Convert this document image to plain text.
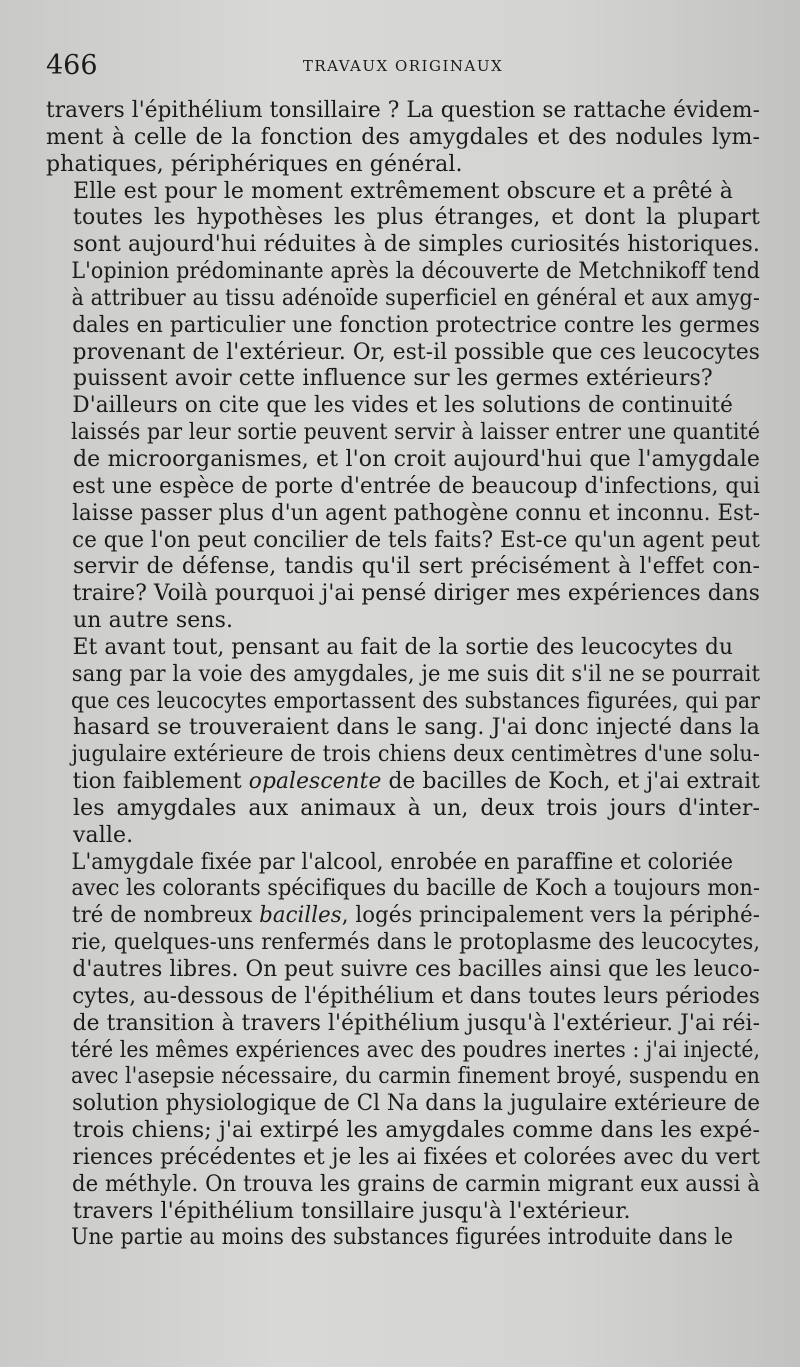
466	TRAVAUX ORIGINAUX

travers l'épithélium tonsillaire ? La question se rattache évidem-
ment à celle de la fonction des amygdales et des nodules lym-
phatiques, périphériques en général.

Elle est pour le moment extrêmement obscure et a prêté à
toutes les hypothèses les plus étranges, et dont la plupart
sont aujourd'hui réduites à de simples curiosités historiques.
L'opinion prédominante après la découverte de Metchnikoff tend
à attribuer au tissu adénoïde superficiel en général et aux amyg-
dales en particulier une fonction protectrice contre les germes
provenant de l'extérieur. Or, est-il possible que ces leucocytes
puissent avoir cette influence sur les germes extérieurs?

D'ailleurs on cite que les vides et les solutions de continuité
laissés par leur sortie peuvent servir à laisser entrer une quantité
de microorganismes, et l'on croit aujourd'hui que l'amygdale
est une espèce de porte d'entrée de beaucoup d'infections, qui
laisse passer plus d'un agent pathogène connu et inconnu. Est-
ce que l'on peut concilier de tels faits? Est-ce qu'un agent peut
servir de défense, tandis qu'il sert précisément à l'effet con-
traire? Voilà pourquoi j'ai pensé diriger mes expériences dans
un autre sens.

Et avant tout, pensant au fait de la sortie des leucocytes du
sang par la voie des amygdales, je me suis dit s'il ne se pourrait
que ces leucocytes emportassent des substances figurées, qui par
hasard se trouveraient dans le sang. J'ai donc injecté dans la
jugulaire extérieure de trois chiens deux centimètres d'une solu-
tion faiblement opalescente de bacilles de Koch, et j'ai extrait
les amygdales aux animaux à un, deux trois jours d'inter-
valle.

L'amygdale fixée par l'alcool, enrobée en paraffine et coloriée
avec les colorants spécifiques du bacille de Koch a toujours mon-
tré de nombreux bacilles, logés principalement vers la périphé-
rie, quelques-uns renfermés dans le protoplasme des leucocytes,
d'autres libres. On peut suivre ces bacilles ainsi que les leuco-
cytes, au-dessous de l'épithélium et dans toutes leurs périodes
de transition à travers l'épithélium jusqu'à l'extérieur. J'ai réi-
téré les mêmes expériences avec des poudres inertes : j'ai injecté,
avec l'asepsie nécessaire, du carmin finement broyé, suspendu en
solution physiologique de Cl Na dans la jugulaire extérieure de
trois chiens; j'ai extirpé les amygdales comme dans les expé-
riences précédentes et je les ai fixées et colorées avec du vert
de méthyle. On trouva les grains de carmin migrant eux aussi à
travers l'épithélium tonsillaire jusqu'à l'extérieur.

Une partie au moins des substances figurées introduite dans le
